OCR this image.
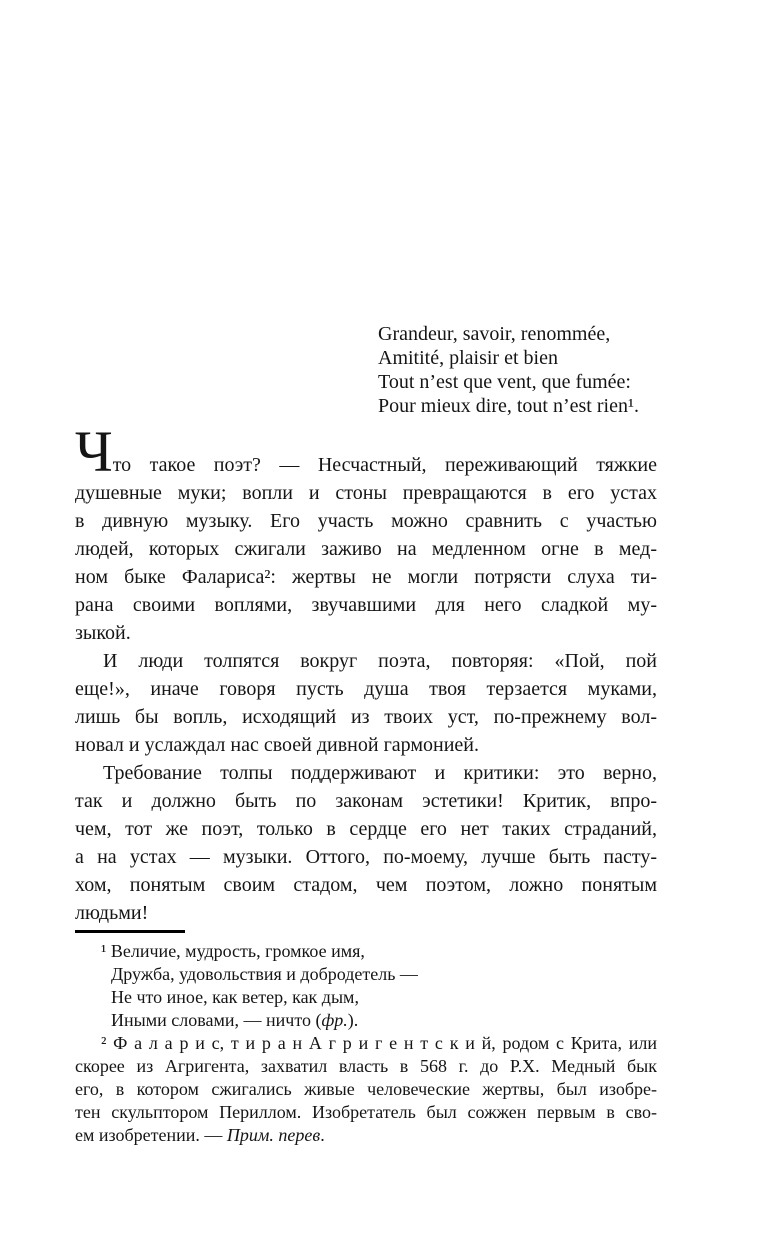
Grandeur, savoir, renommée,
Amitité, plaisir et bien
Tout n’est que vent, que fumée:
Pour mieux dire, tout n’est rien¹.

Что такое поэт? — Несчастный, переживающий тяжкие
душевные муки; вопли и стоны превращаются в его устах
в дивную музыку. Его участь можно сравнить с участью
людей, которых сжигали заживо на медленном огне в мед-
ном быке Фалариса²: жертвы не могли потрясти слуха ти-
рана своими воплями, звучавшими для него сладкой му-
зыкой.

И люди толпятся вокруг поэта, повторяя: «Пой, пой
еще!», иначе говоря пусть душа твоя терзается муками,
лишь бы вопль, исходящий из твоих уст, по-прежнему вол-
новал и услаждал нас своей дивной гармонией.

Требование толпы поддерживают и критики: это верно,
так и должно быть по законам эстетики! Критик, впро-
чем, тот же поэт, только в сердце его нет таких страданий,
а на устах — музыки. Оттого, по-моему, лучше быть пасту-
хом, понятым своим стадом, чем поэтом, ложно понятым
людьми!

¹ Величие, мудрость, громкое имя,
Дружба, удовольствия и добродетель —
Не что иное, как ветер, как дым,
Иными словами, — ничто (фр.).
² Ф а л а р и с, т и р а н А г р и г е н т с к и й, родом с Крита, или
скорее из Агригента, захватил власть в 568 г. до Р.Х. Медный бык
его, в котором сжигались живые человеческие жертвы, был изобре-
тен скульптором Периллом. Изобретатель был сожжен первым в сво-
ем изобретении. — Прим. перев.
